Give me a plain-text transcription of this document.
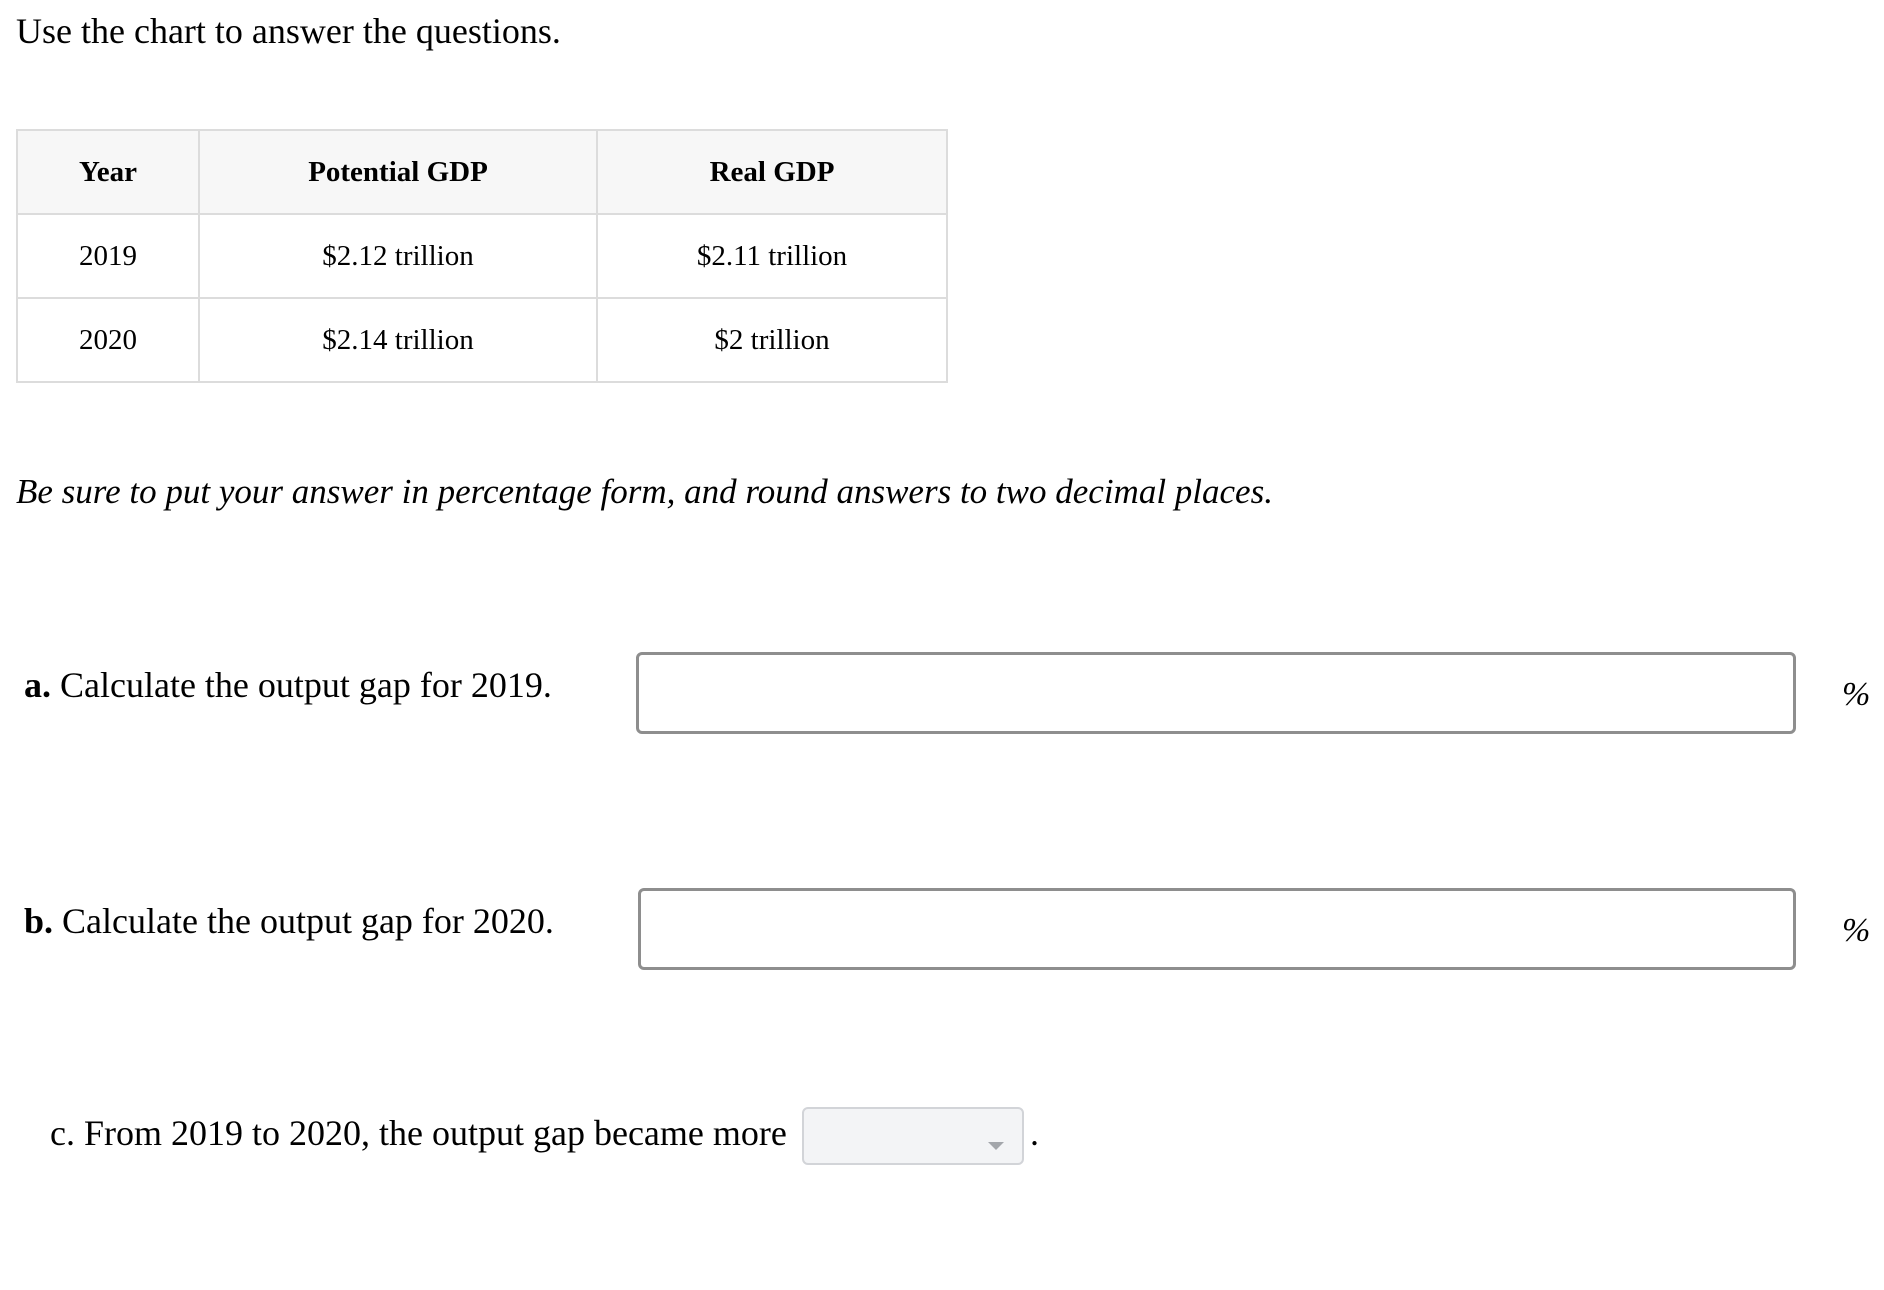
Use the chart to answer the questions.
Year	Potential GDP	Real GDP
2019	$2.12 trillion	$2.11 trillion
2020	$2.14 trillion	$2 trillion

Be sure to put your answer in percentage form, and round answers to two decimal places.

a. Calculate the output gap for 2019.	%
b. Calculate the output gap for 2020.	%
c. From 2019 to 2020, the output gap became more	.
